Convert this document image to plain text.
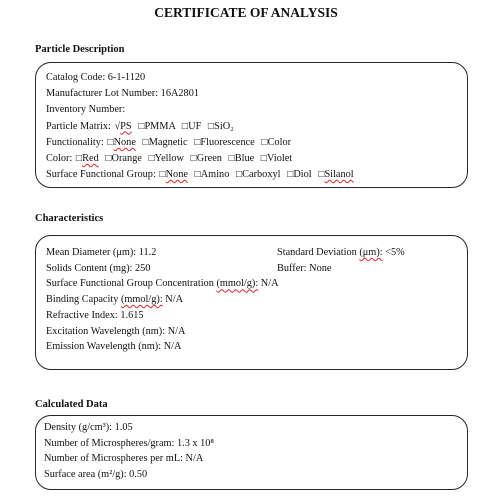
CERTIFICATE OF ANALYSIS
Particle Description
Catalog Code: 6-1-1120
Manufacturer Lot Number: 16A2801
Inventory Number:
Particle Matrix: √PS □PMMA □UF □SiO₂
Functionality: □None □Magnetic □Fluorescence □Color
Color: □Red □Orange □Yellow □Green □Blue □Violet
Surface Functional Group: □None □Amino □Carboxyl □Diol □Silanol
Characteristics
Mean Diameter (μm): 11.2	Standard Deviation (μm): <5%
Solids Content (mg): 250	Buffer: None
Surface Functional Group Concentration (mmol/g): N/A
Binding Capacity (mmol/g): N/A
Refractive Index: 1.615
Excitation Wavelength (nm): N/A
Emission Wavelength (nm): N/A
Calculated Data
Density (g/cm³): 1.05
Number of Microspheres/gram: 1.3 x 10⁸
Number of Microspheres per mL: N/A
Surface area (m²/g): 0.50
